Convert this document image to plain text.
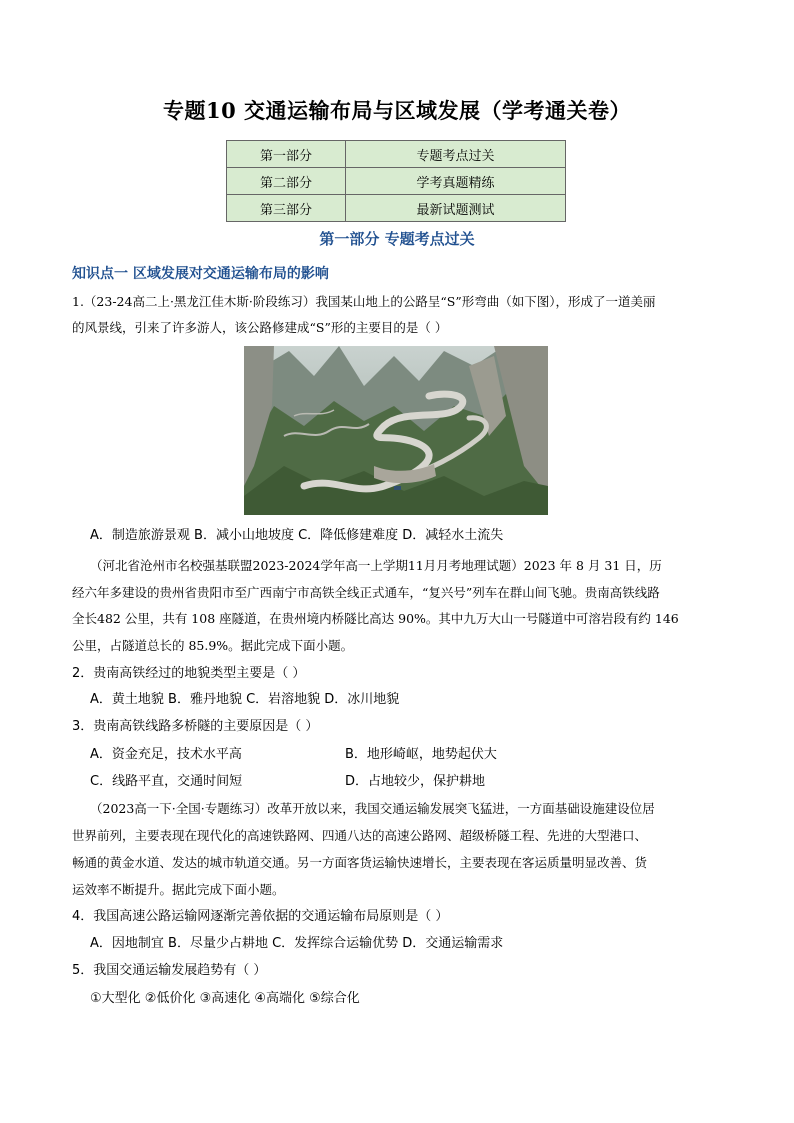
专题10 交通运输布局与区域发展（学考通关卷）
第一部分	专题考点过关
第二部分	学考真题精练
第三部分	最新试题测试
第一部分 专题考点过关
知识点一 区域发展对交通运输布局的影响
1.（23-24高二上·黑龙江佳木斯·阶段练习）我国某山地上的公路呈“S”形弯曲（如下图），形成了一道美丽
的风景线，引来了许多游人，该公路修建成“S”形的主要目的是（ ）
A．制造旅游景观 B．减小山地坡度 C．降低修建难度 D．减轻水土流失
（河北省沧州市名校强基联盟2023-2024学年高一上学期11月月考地理试题）2023 年 8 月 31 日，历
经六年多建设的贵州省贵阳市至广西南宁市高铁全线正式通车，“复兴号”列车在群山间飞驰。贵南高铁线路
全长482 公里，共有 108 座隧道，在贵州境内桥隧比高达 90%。其中九万大山一号隧道中可溶岩段有约 146
公里，占隧道总长的 85.9%。据此完成下面小题。
2．贵南高铁经过的地貌类型主要是（ ）
A．黄土地貌 B．雅丹地貌 C．岩溶地貌 D．冰川地貌
3．贵南高铁线路多桥隧的主要原因是（ ）
A．资金充足，技术水平高	B．地形崎岖，地势起伏大
C．线路平直，交通时间短	D．占地较少，保护耕地
（2023高一下·全国·专题练习）改革开放以来，我国交通运输发展突飞猛进，一方面基础设施建设位居
世界前列，主要表现在现代化的高速铁路网、四通八达的高速公路网、超级桥隧工程、先进的大型港口、
畅通的黄金水道、发达的城市轨道交通。另一方面客货运输快速增长，主要表现在客运质量明显改善、货
运效率不断提升。据此完成下面小题。
4．我国高速公路运输网逐渐完善依据的交通运输布局原则是（ ）
A．因地制宜 B．尽量少占耕地 C．发挥综合运输优势 D．交通运输需求
5．我国交通运输发展趋势有（ ）
①大型化 ②低价化 ③高速化 ④高端化 ⑤综合化
